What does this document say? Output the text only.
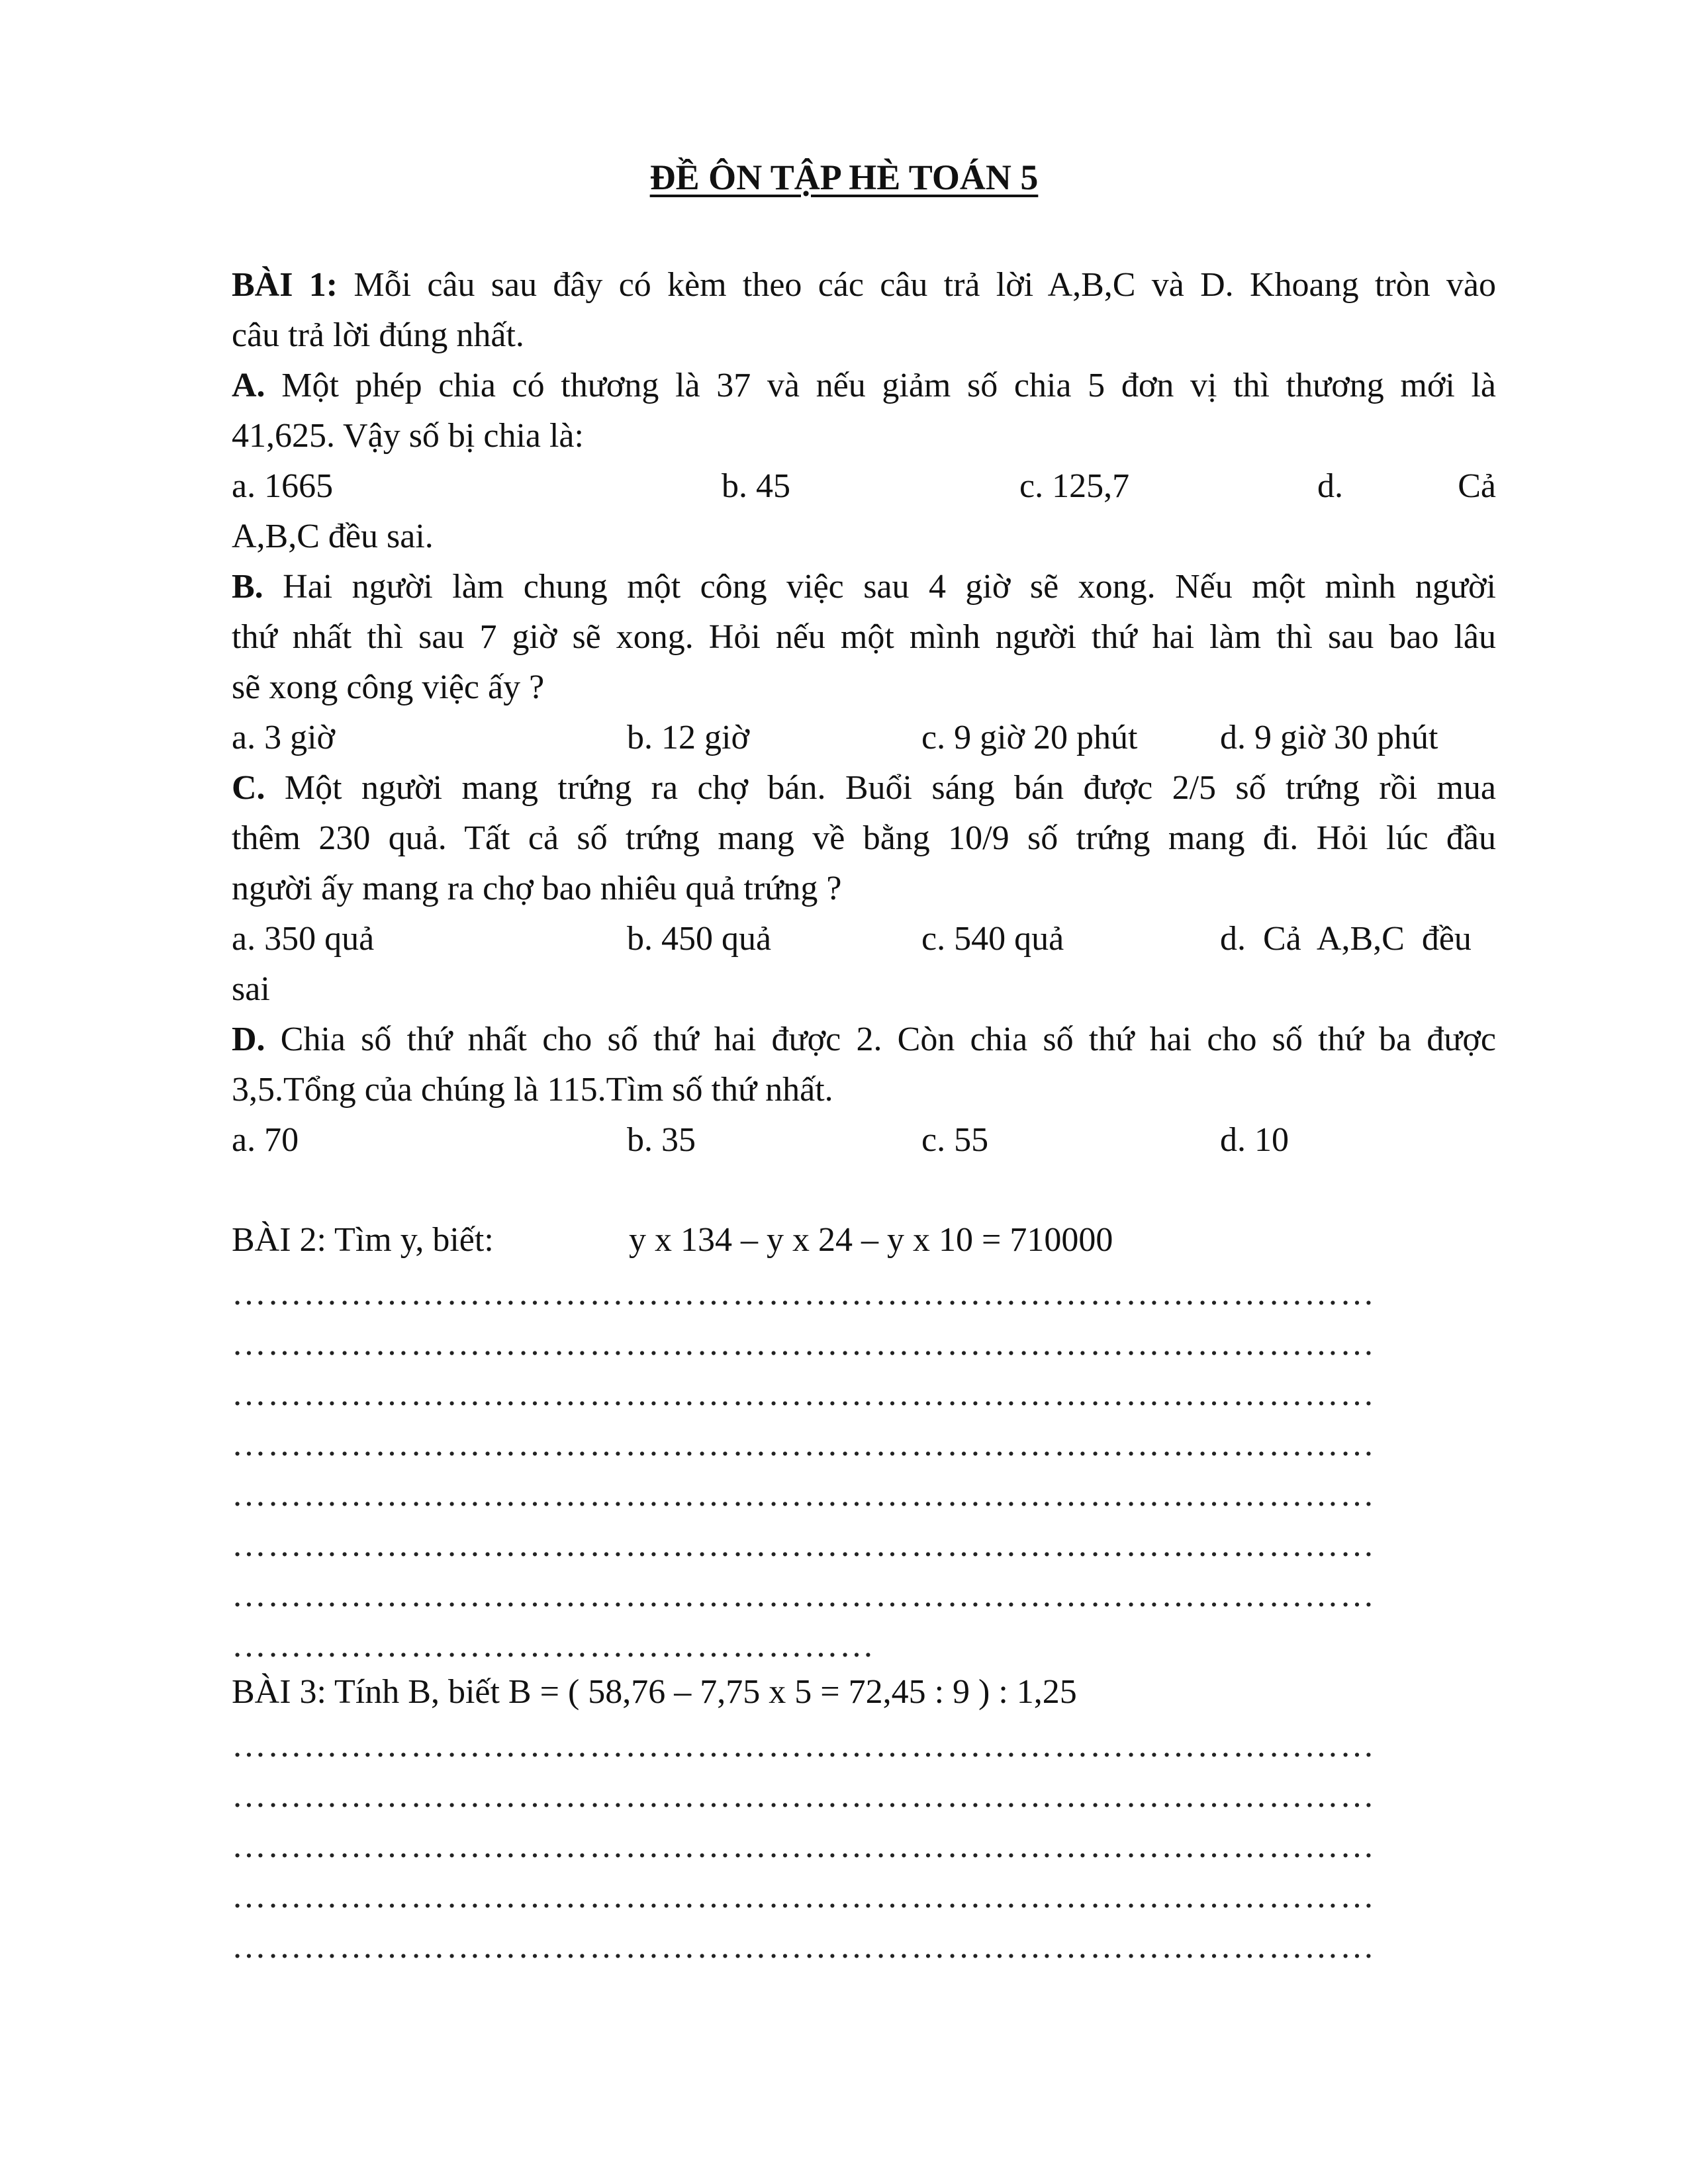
ĐỀ ÔN TẬP HÈ TOÁN 5
BÀI 1: Mỗi câu sau đây có kèm theo các câu trả lời A,B,C và D. Khoang tròn vào
câu trả lời đúng nhất.
A. Một phép chia có thương là 37 và nếu giảm số chia 5 đơn vị thì thương mới là
41,625. Vậy số bị chia là:
a. 1665	b. 45	c. 125,7	d.	Cả
A,B,C đều sai.
B. Hai người làm chung một công việc sau 4 giờ sẽ xong. Nếu một mình người
thứ nhất thì sau 7 giờ sẽ xong. Hỏi nếu một mình người thứ hai làm thì sau bao lâu
sẽ xong công việc ấy ?
a. 3 giờ	b. 12 giờ	c. 9 giờ 20 phút d. 9 giờ 30 phút
C. Một người mang trứng ra chợ bán. Buổi sáng bán được 2/5 số trứng rồi mua
thêm 230 quả. Tất cả số trứng mang về bằng 10/9 số trứng mang đi. Hỏi lúc đầu
người ấy mang ra chợ bao nhiêu quả trứng ?
a. 350 quả	b. 450 quả	c. 540 quả	d.  Cả  A,B,C  đều
sai
D. Chia số thứ nhất cho số thứ hai được 2. Còn chia số thứ hai cho số thứ ba được
3,5.Tổng của chúng là 115.Tìm số thứ nhất.
a. 70	b. 35	c. 55	d. 10
BÀI 2: Tìm y, biết:	y x 134 – y x 24 – y x 10 = 710000
……………………………………………………………………………………
……………………………………………………………………………………
……………………………………………………………………………………
……………………………………………………………………………………
……………………………………………………………………………………
……………………………………………………………………………………
……………………………………………………………………………………
………………………………………………
BÀI 3: Tính B, biết B = ( 58,76 – 7,75 x 5 = 72,45 : 9 ) : 1,25
……………………………………………………………………………………
……………………………………………………………………………………
……………………………………………………………………………………
……………………………………………………………………………………
……………………………………………………………………………………
